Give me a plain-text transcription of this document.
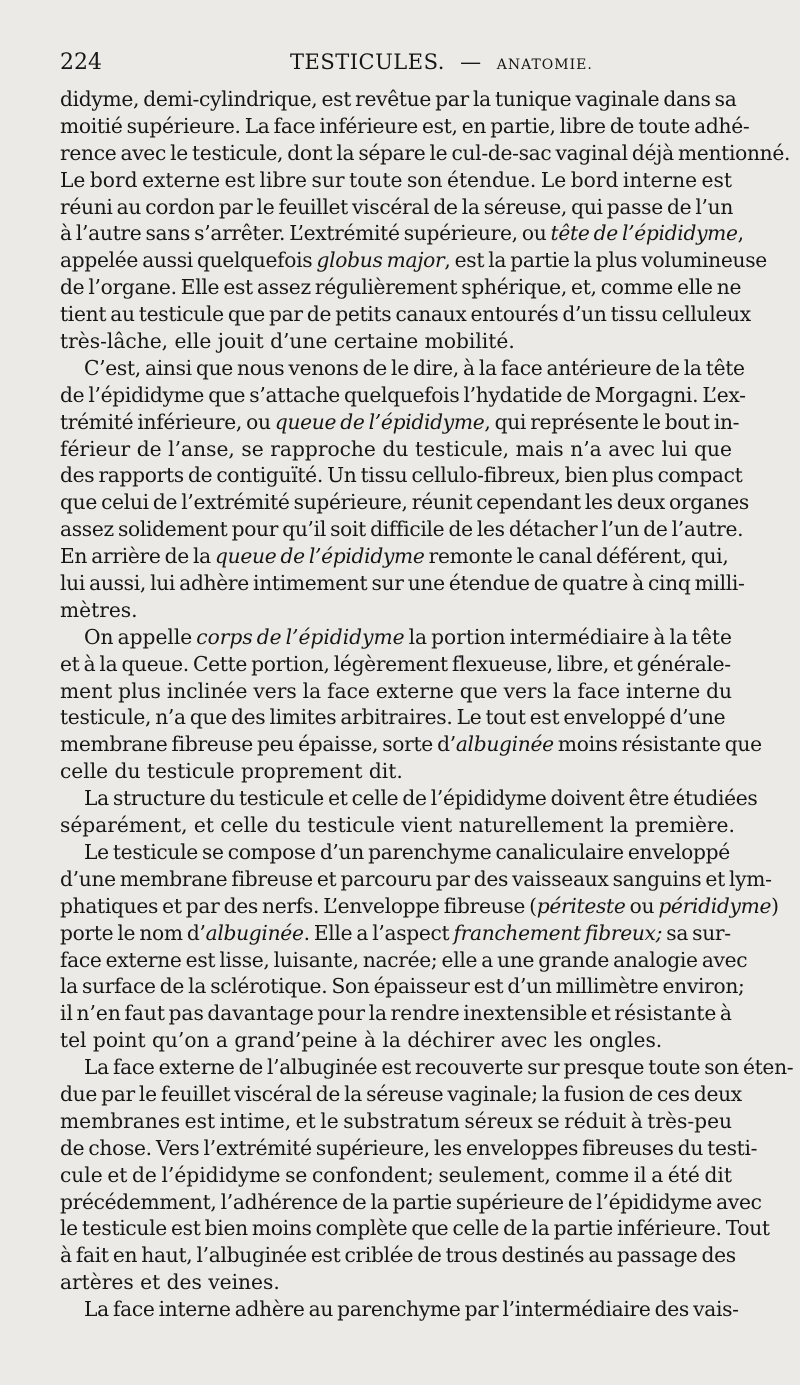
224	TESTICULES. — ANATOMIE.
didyme, demi-cylindrique, est revêtue par la tunique vaginale dans sa
moitié supérieure. La face inférieure est, en partie, libre de toute adhé-
rence avec le testicule, dont la sépare le cul-de-sac vaginal déjà mentionné.
Le bord externe est libre sur toute son étendue. Le bord interne est
réuni au cordon par le feuillet viscéral de la séreuse, qui passe de l’un
à l’autre sans s’arrêter. L’extrémité supérieure, ou tête de l’épididyme,
appelée aussi quelquefois globus major, est la partie la plus volumineuse
de l’organe. Elle est assez régulièrement sphérique, et, comme elle ne
tient au testicule que par de petits canaux entourés d’un tissu celluleux
très-lâche, elle jouit d’une certaine mobilité.
C’est, ainsi que nous venons de le dire, à la face antérieure de la tête
de l’épididyme que s’attache quelquefois l’hydatide de Morgagni. L’ex-
trémité inférieure, ou queue de l’épididyme, qui représente le bout in-
férieur de l’anse, se rapproche du testicule, mais n’a avec lui que
des rapports de contiguïté. Un tissu cellulo-fibreux, bien plus compact
que celui de l’extrémité supérieure, réunit cependant les deux organes
assez solidement pour qu’il soit difficile de les détacher l’un de l’autre.
En arrière de la queue de l’épididyme remonte le canal déférent, qui,
lui aussi, lui adhère intimement sur une étendue de quatre à cinq milli-
mètres.
On appelle corps de l’épididyme la portion intermédiaire à la tête
et à la queue. Cette portion, légèrement flexueuse, libre, et générale-
ment plus inclinée vers la face externe que vers la face interne du
testicule, n’a que des limites arbitraires. Le tout est enveloppé d’une
membrane fibreuse peu épaisse, sorte d’albuginée moins résistante que
celle du testicule proprement dit.
La structure du testicule et celle de l’épididyme doivent être étudiées
séparément, et celle du testicule vient naturellement la première.
Le testicule se compose d’un parenchyme canaliculaire enveloppé
d’une membrane fibreuse et parcouru par des vaisseaux sanguins et lym-
phatiques et par des nerfs. L’enveloppe fibreuse (périteste ou pérididyme)
porte le nom d’albuginée. Elle a l’aspect franchement fibreux; sa sur-
face externe est lisse, luisante, nacrée; elle a une grande analogie avec
la surface de la sclérotique. Son épaisseur est d’un millimètre environ;
il n’en faut pas davantage pour la rendre inextensible et résistante à
tel point qu’on a grand’peine à la déchirer avec les ongles.
La face externe de l’albuginée est recouverte sur presque toute son éten-
due par le feuillet viscéral de la séreuse vaginale; la fusion de ces deux
membranes est intime, et le substratum séreux se réduit à très-peu
de chose. Vers l’extrémité supérieure, les enveloppes fibreuses du testi-
cule et de l’épididyme se confondent; seulement, comme il a été dit
précédemment, l’adhérence de la partie supérieure de l’épididyme avec
le testicule est bien moins complète que celle de la partie inférieure. Tout
à fait en haut, l’albuginée est criblée de trous destinés au passage des
artères et des veines.
La face interne adhère au parenchyme par l’intermédiaire des vais-
